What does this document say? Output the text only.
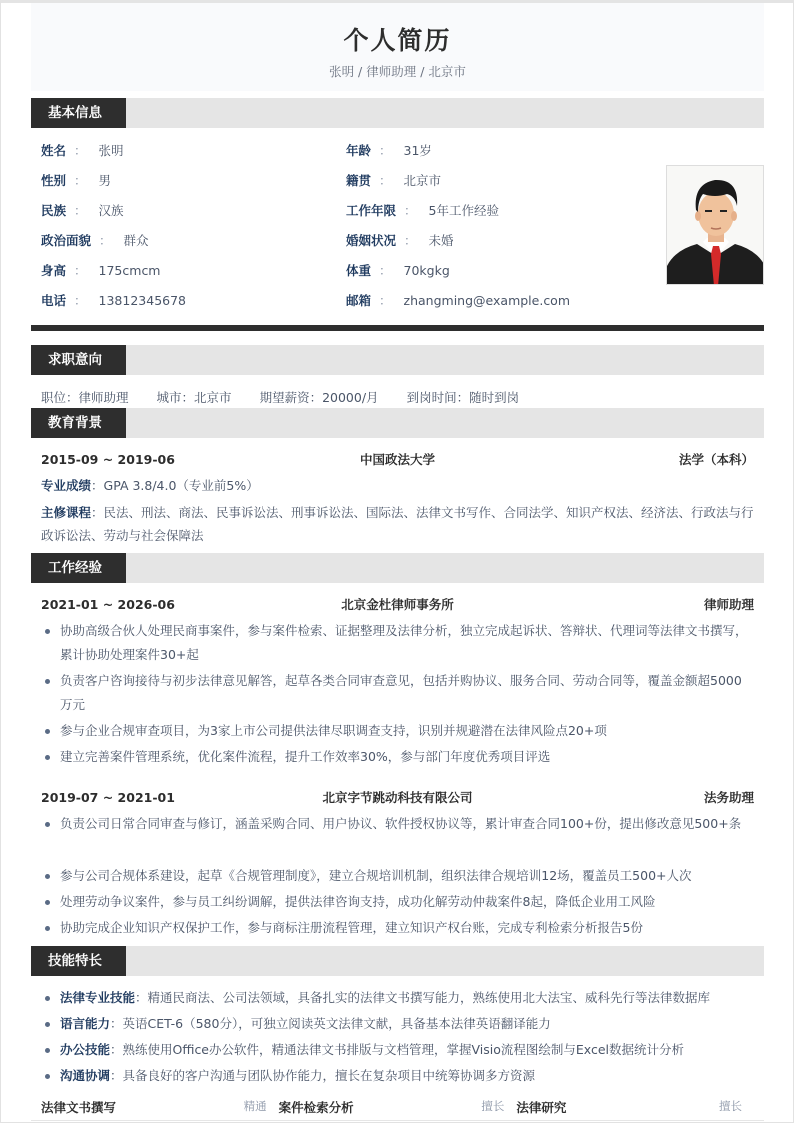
个人简历
张明 / 律师助理 / 北京市
基本信息
姓名 ： 张明	年龄 ： 31岁
性别 ： 男	籍贯 ： 北京市
民族 ： 汉族	工作年限 ： 5年工作经验
政治面貌 ： 群众	婚姻状况 ： 未婚
身高 ： 175cmcm	体重 ： 70kgkg
电话 ： 13812345678	邮箱 ： zhangming@example.com
求职意向
职位：律师助理 城市：北京市 期望薪资：20000/月 到岗时间：随时到岗
教育背景
2015-09 ~ 2019-06	中国政法大学	法学（本科）
专业成绩：GPA 3.8/4.0（专业前5%）
主修课程：民法、刑法、商法、民事诉讼法、刑事诉讼法、国际法、法律文书写作、合同法学、知识产权法、经济法、行政法与行政诉讼法、劳动与社会保障法
工作经验
2021-01 ~ 2026-06	北京金杜律师事务所	律师助理
协助高级合伙人处理民商事案件，参与案件检索、证据整理及法律分析，独立完成起诉状、答辩状、代理词等法律文书撰写，累计协助处理案件30+起
负责客户咨询接待与初步法律意见解答，起草各类合同审查意见，包括并购协议、服务合同、劳动合同等，覆盖金额超5000万元
参与企业合规审查项目，为3家上市公司提供法律尽职调查支持，识别并规避潜在法律风险点20+项
建立完善案件管理系统，优化案件流程，提升工作效率30%，参与部门年度优秀项目评选
2019-07 ~ 2021-01	北京字节跳动科技有限公司	法务助理
负责公司日常合同审查与修订，涵盖采购合同、用户协议、软件授权协议等，累计审查合同100+份，提出修改意见500+条
参与公司合规体系建设，起草《合规管理制度》，建立合规培训机制，组织法律合规培训12场，覆盖员工500+人次
处理劳动争议案件，参与员工纠纷调解，提供法律咨询支持，成功化解劳动仲裁案件8起，降低企业用工风险
协助完成企业知识产权保护工作，参与商标注册流程管理，建立知识产权台账，完成专利检索分析报告5份
技能特长
法律专业技能：精通民商法、公司法领域，具备扎实的法律文书撰写能力，熟练使用北大法宝、威科先行等法律数据库
语言能力：英语CET-6（580分），可独立阅读英文法律文献，具备基本法律英语翻译能力
办公技能：熟练使用Office办公软件，精通法律文书排版与文档管理，掌握Visio流程图绘制与Excel数据统计分析
沟通协调：具备良好的客户沟通与团队协作能力，擅长在复杂项目中统筹协调多方资源
法律文书撰写	精通 案件检索分析	擅长 法律研究	擅长
